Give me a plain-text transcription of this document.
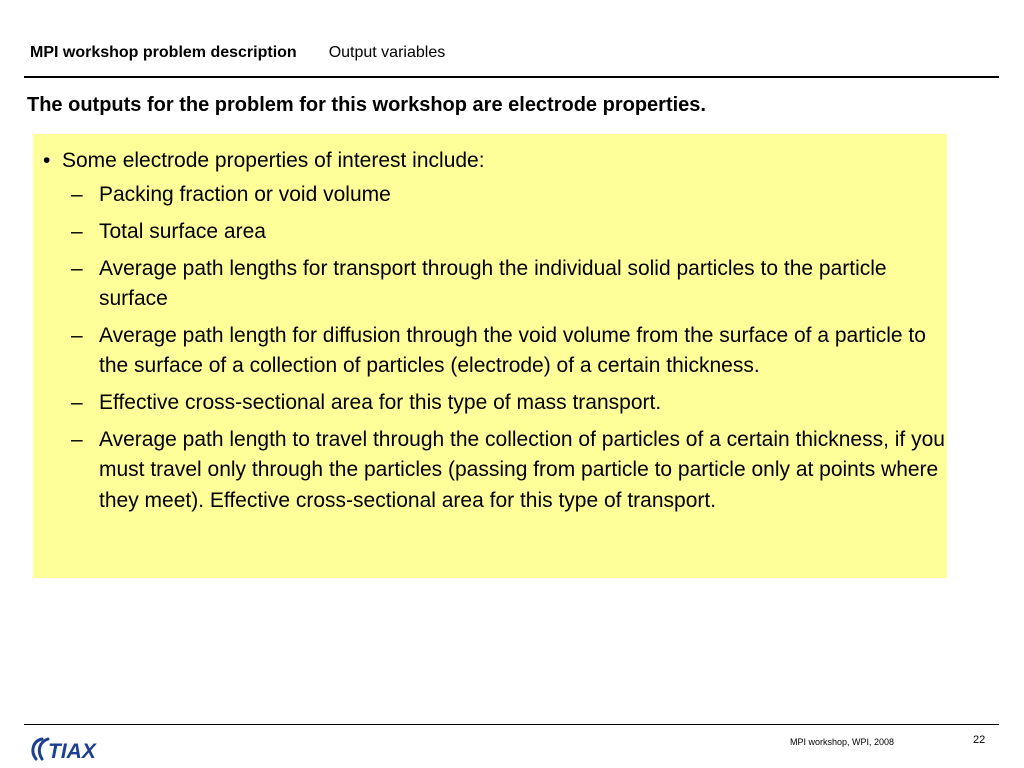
MPI workshop problem description Output variables
The outputs for the problem for this workshop are electrode properties.
• Some electrode properties of interest include:
– Packing fraction or void volume
– Total surface area
– Average path lengths for transport through the individual solid particles to the particle surface
– Average path length for diffusion through the void volume from the surface of a particle to the surface of a collection of particles (electrode) of a certain thickness.
– Effective cross-sectional area for this type of mass transport.
– Average path length to travel through the collection of particles of a certain thickness, if you must travel only through the particles (passing from particle to particle only at points where they meet). Effective cross-sectional area for this type of transport.
TIAX	MPI workshop, WPI, 2008	22
